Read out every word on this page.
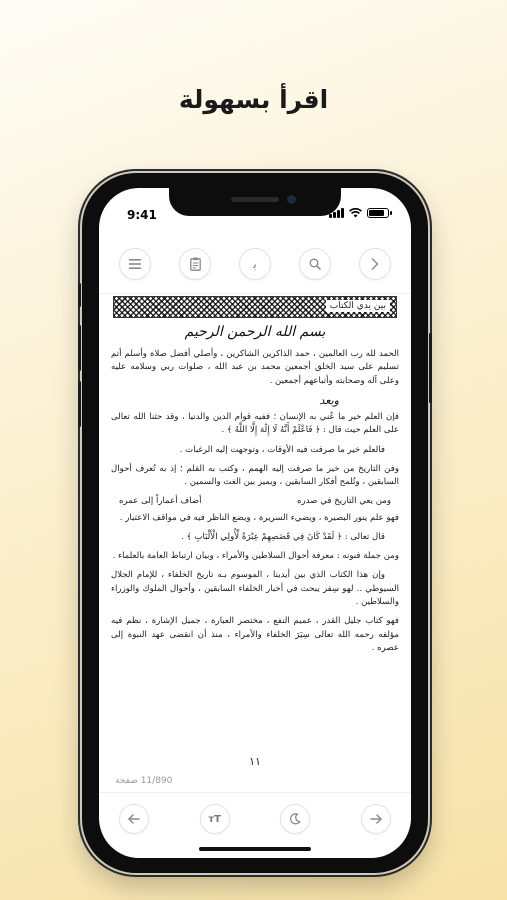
اقرأ بسهولة
9:41
ﺑ
بين يدي الكتاب
بسم الله الرحمن الرحيم

الحمد لله رب العالمين ، حمد الذاكرين الشاكرين ، وأصلي أفضل صلاة وأسلم أتم تسليم على سيد الخلق أجمعين محمد بن عبد الله ، صلوات ربي وسلامه عليه وعلى آله وصحابته وأتباعهم أجمعين .

وبعد

فإن العلم خير ما عُني به الإنسان ؛ ففيه قوام الدين والدنيا ، وقد حثنا الله تعالى على العلم حيث قال : ﴿ فَاعْلَمْ أَنَّهُ لَا إِلَٰهَ إِلَّا اللَّهُ ﴾ .

فالعلم خير ما صرفت فيه الأوقات ، وتوجهت إليه الرغبات .

وفن التاريخ من خير ما صرفت إليه الهمم ، وكتب به القلم ؛ إذ به تُعرف أحوال السابقين ، وتُلمح أفكار السابقين ، ويميز بين الغث والسمين .

ومن يعي التاريخ في صدره
أضاف أعماراً إلى عمره

فهو علم ينور البصيرة ، ويضيء السريرة ، ويضع الناظر فيه في مواقف الاعتبار .

قال تعالى : ﴿ لَقَدْ كَانَ فِي قَصَصِهِمْ عِبْرَةٌ لِّأُولِي الْأَلْبَابِ ﴾ .

ومن جملة فنونه : معرفة أحوال السلاطين والأمراء ، وبيان ارتباط العامة بالعلماء .

وإن هذا الكتاب الذي بين أيدينا ، الموسوم بـه تاريخ الخلفاء ، للإمام الجلال السيوطي .. لهو سِفر يبحث في أخبار الخلفاء السابقين ، وأحوال الملوك والوزراء والسلاطين .

فهو كتاب جليل القدر ، عميم النفع ، مختصر العبارة ، جميل الإشارة ، نظم فيه مؤلفه رحمه الله تعالى سِيَرَ الخلفاء والأمراء ، منذ أن انقضى عهد النبوة إلى عصره .

١١
11/890 صفحة
тT
